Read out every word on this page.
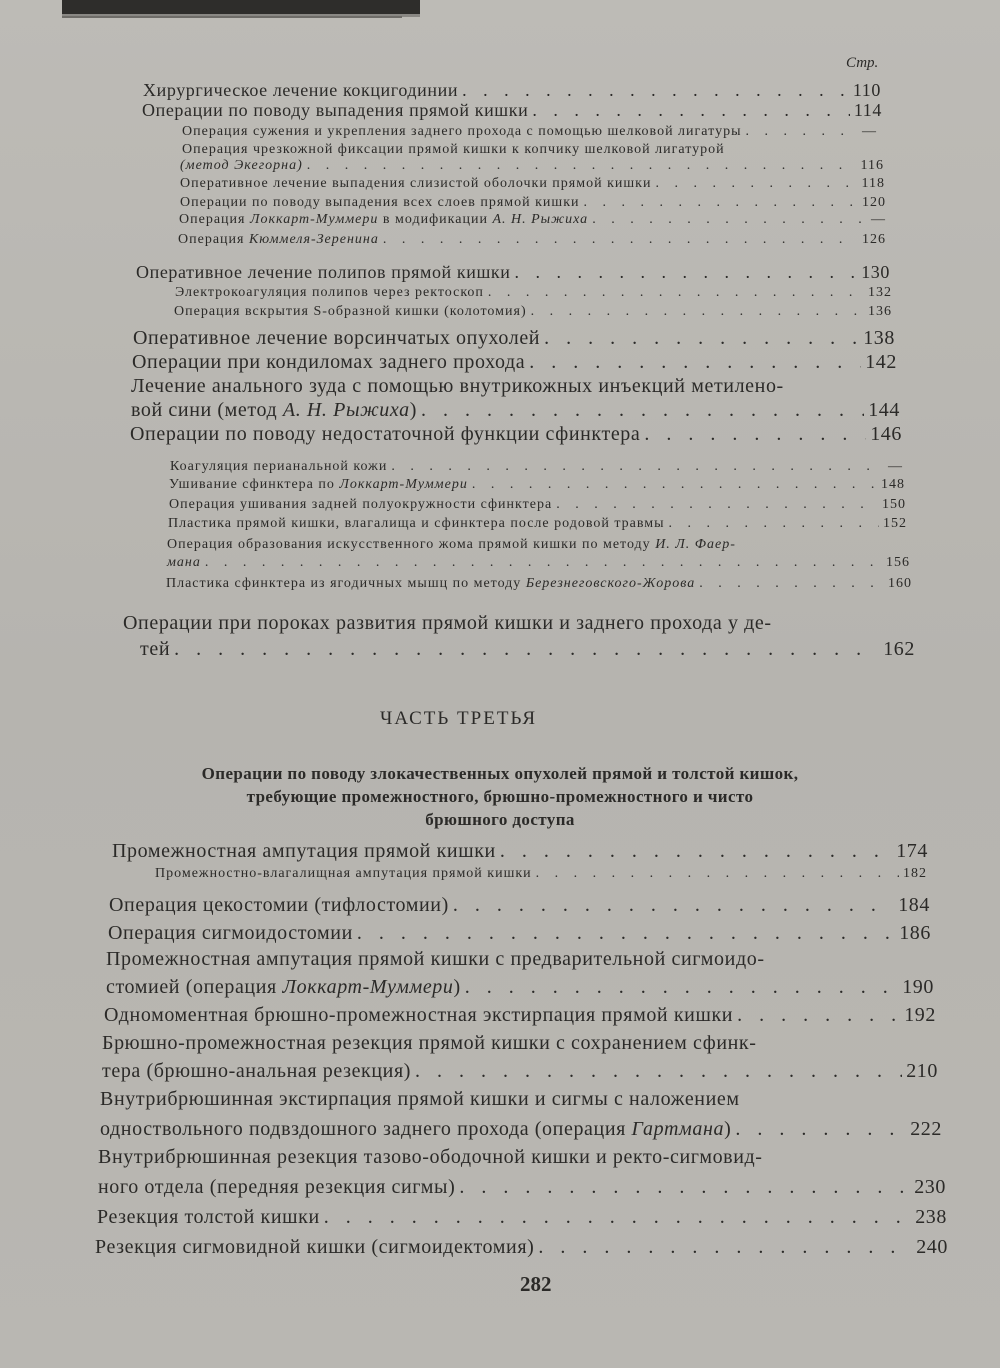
Стр.
Хирургическое лечение кокцигодинии . . .	110
Операции по поводу выпадения прямой кишки . . .	114
Операция сужения и укрепления заднего прохода с помощью шелковой лигатуры . . .	—
Операция чрезкожной фиксации прямой кишки к копчику шелковой лигатурой
(метод Экегорна) . . .	116
Оперативное лечение выпадения слизистой оболочки прямой кишки . . .	118
Операции по поводу выпадения всех слоев прямой кишки . . .	120
Операция Локкарт-Муммери в модификации А. Н. Рыжиха . . .	—
Операция Кюммеля-Зеренина . . .	126
Оперативное лечение полипов прямой кишки . . .	130
Электрокоагуляция полипов через ректоскоп . . .	132
Операция вскрытия S-образной кишки (колотомия) . . .	136
Оперативное лечение ворсинчатых опухолей . . .	138
Операции при кондиломах заднего прохода . . .	142
Лечение анального зуда с помощью внутрикожных инъекций метилено-
вой сини (метод А. Н. Рыжиха) . . .	144
Операции по поводу недостаточной функции сфинктера . . .	146
Коагуляция перианальной кожи . . .	—
Ушивание сфинктера по Локкарт-Муммери . . .	148
Операция ушивания задней полуокружности сфинктера . . .	150
Пластика прямой кишки, влагалища и сфинктера после родовой травмы . . .	152
Операция образования искусственного жома прямой кишки по методу И. Л. Фаер-
мана . . .	156
Пластика сфинктера из ягодичных мышц по методу Березнеговского-Жорова . . .	160
Операции при пороках развития прямой кишки и заднего прохода у де-
тей . . .	162
ЧАСТЬ ТРЕТЬЯ
Операции по поводу злокачественных опухолей прямой и толстой кишок,
требующие промежностного, брюшно-промежностного и чисто
брюшного доступа
Промежностная ампутация прямой кишки . . .	174
Промежностно-влагалищная ампутация прямой кишки . . .	182
Операция цекостомии (тифлостомии) . . .	184
Операция сигмоидостомии . . .	186
Промежностная ампутация прямой кишки с предварительной сигмоидо-
стомией (операция Локкарт-Муммери) . . .	190
Одномоментная брюшно-промежностная экстирпация прямой кишки . . .	192
Брюшно-промежностная резекция прямой кишки с сохранением сфинк-
тера (брюшно-анальная резекция) . . .	210
Внутрибрюшинная экстирпация прямой кишки и сигмы с наложением
одноствольного подвздошного заднего прохода (операция Гартмана) . . .	222
Внутрибрюшинная резекция тазово-ободочной кишки и ректо-сигмовид-
ного отдела (передняя резекция сигмы) . . .	230
Резекция толстой кишки . . .	238
Резекция сигмовидной кишки (сигмоидектомия) . . .	240
282
